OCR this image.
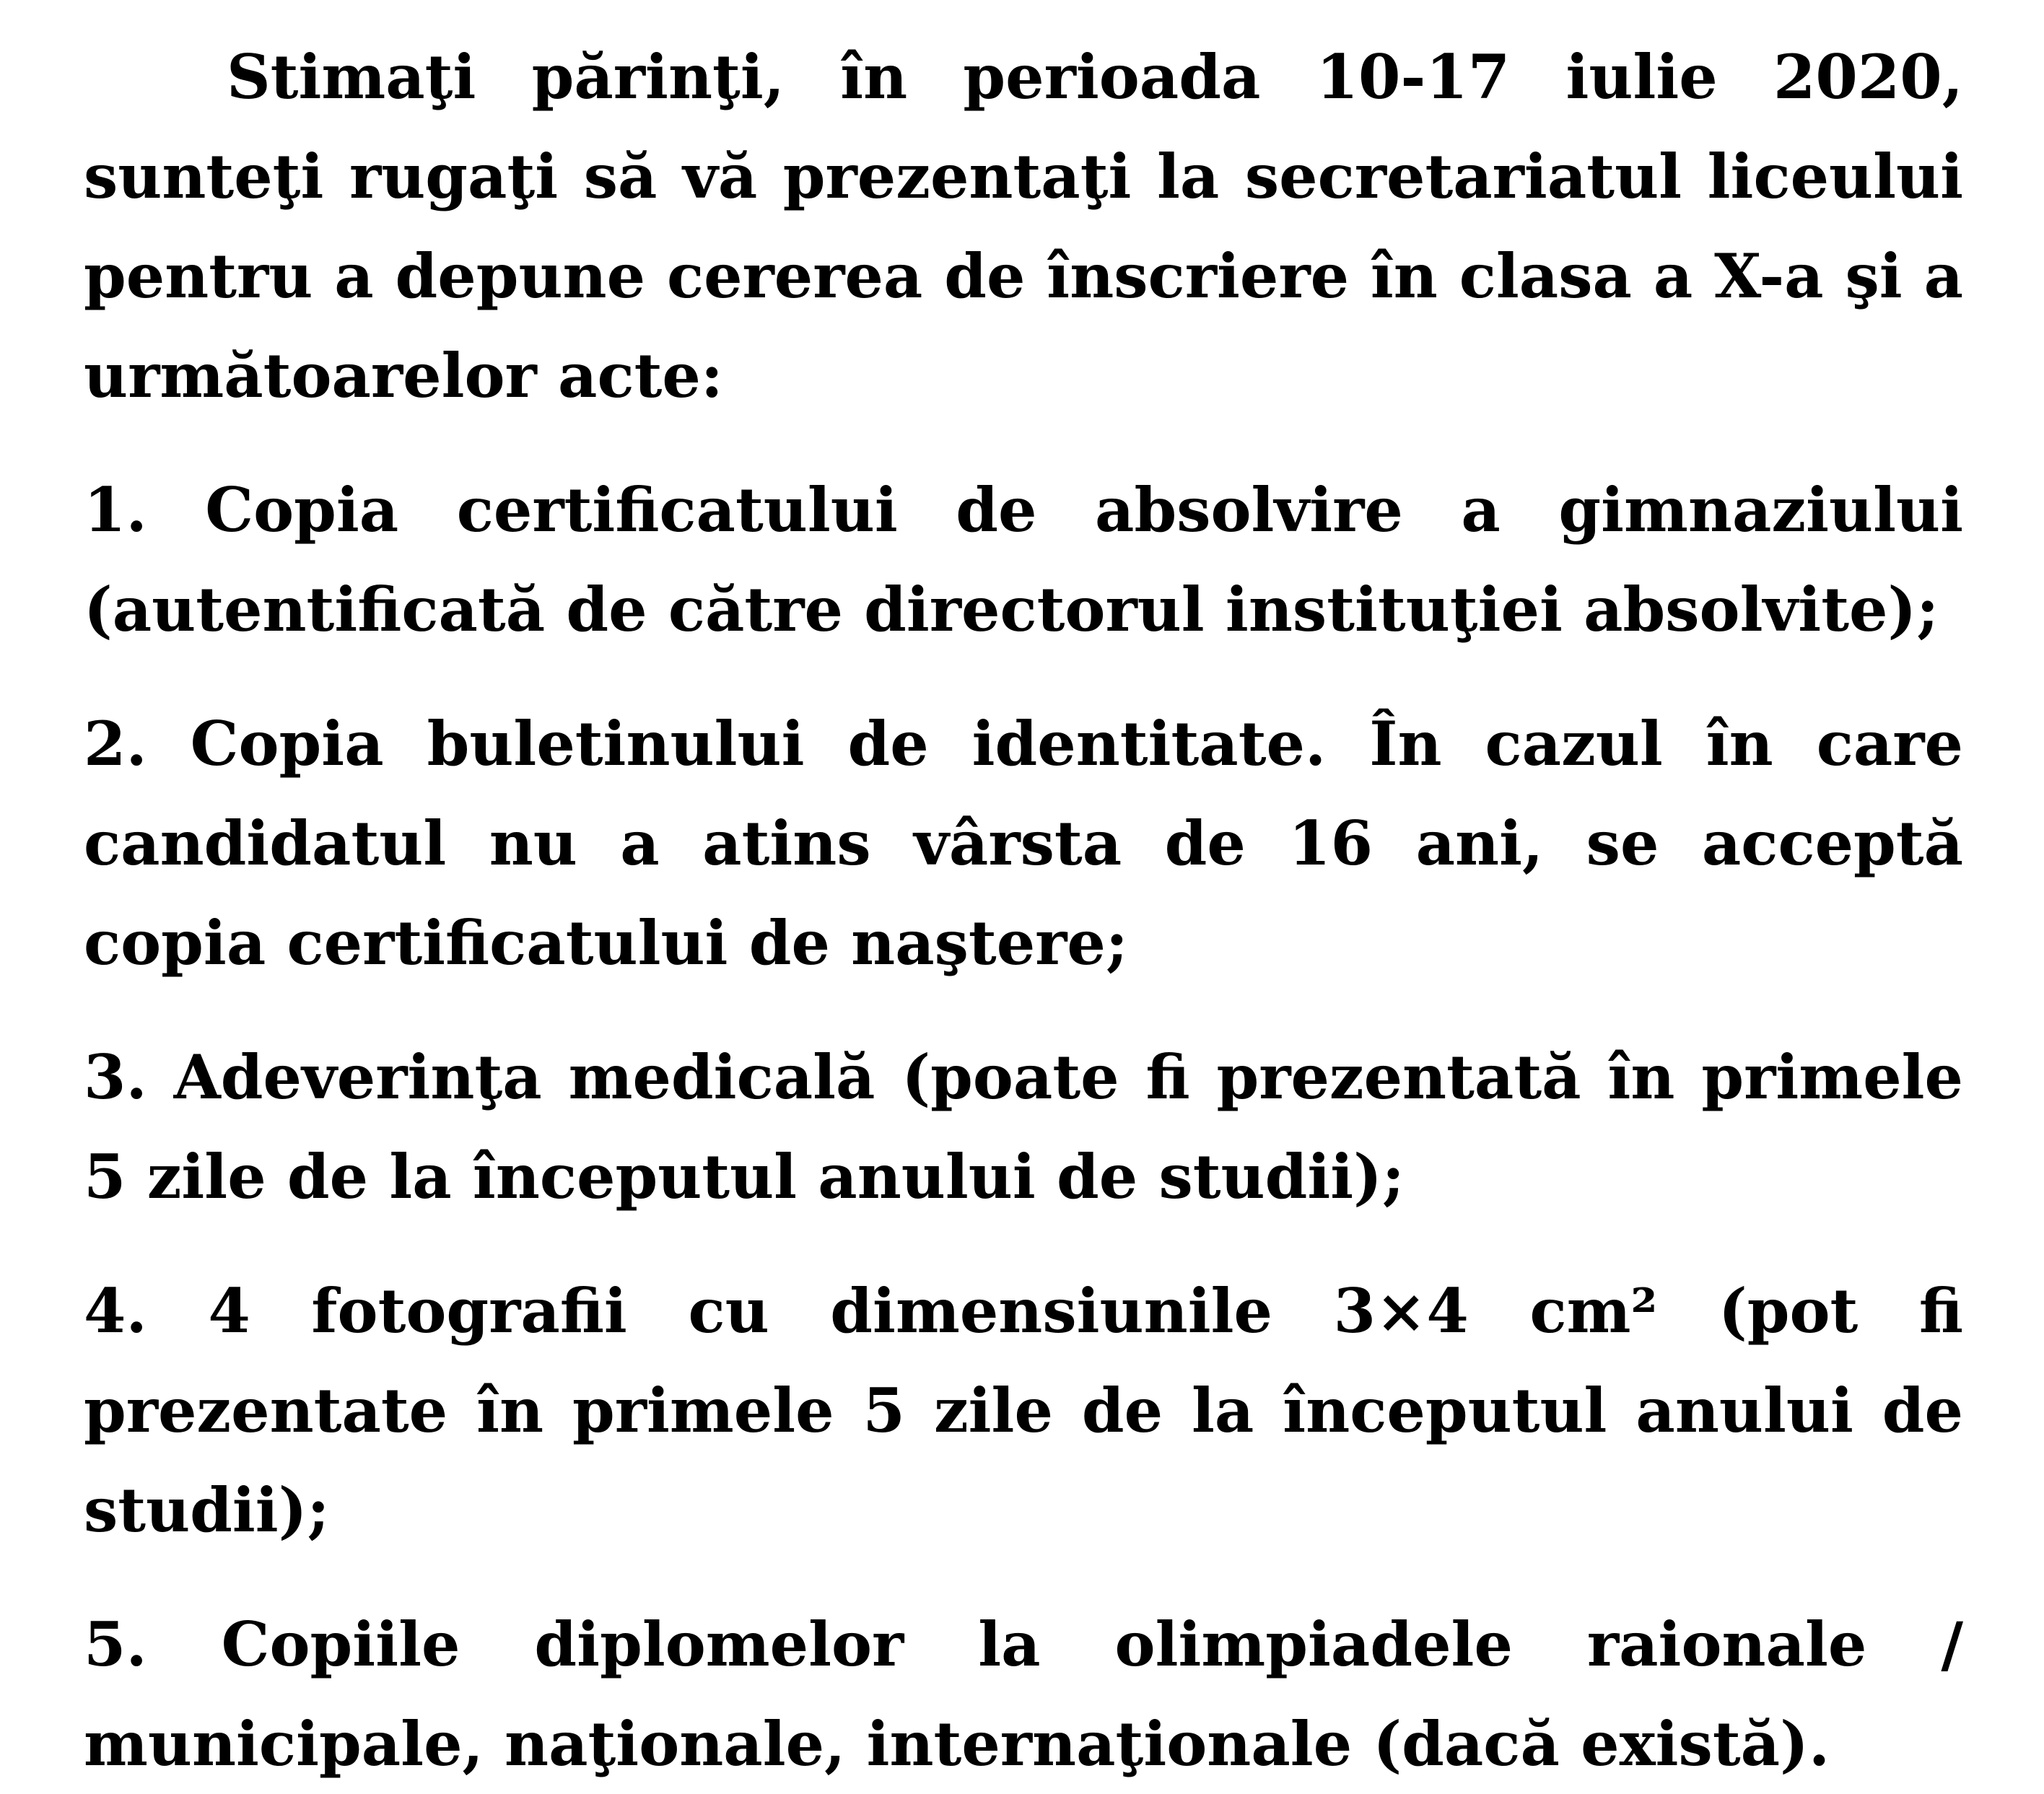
Stimaţi părinţi, în perioada 10-17 iulie 2020, sunteţi rugaţi să vă prezentaţi la secretariatul liceului pentru a depune cererea de înscriere în clasa a X-a şi a următoarelor acte:

1. Copia certificatului de absolvire a gimnaziului (autentificată de către directorul instituţiei absolvite);

2. Copia buletinului de identitate. În cazul în care candidatul nu a atins vârsta de 16 ani, se acceptă copia certificatului de naştere;

3. Adeverinţa medicală (poate fi prezentată în primele 5 zile de la începutul anului de studii);

4. 4 fotografii cu dimensiunile 3×4 cm² (pot fi prezentate în primele 5 zile de la începutul anului de studii);

5. Copiile diplomelor la olimpiadele raionale / municipale, naţionale, internaţionale (dacă există).
